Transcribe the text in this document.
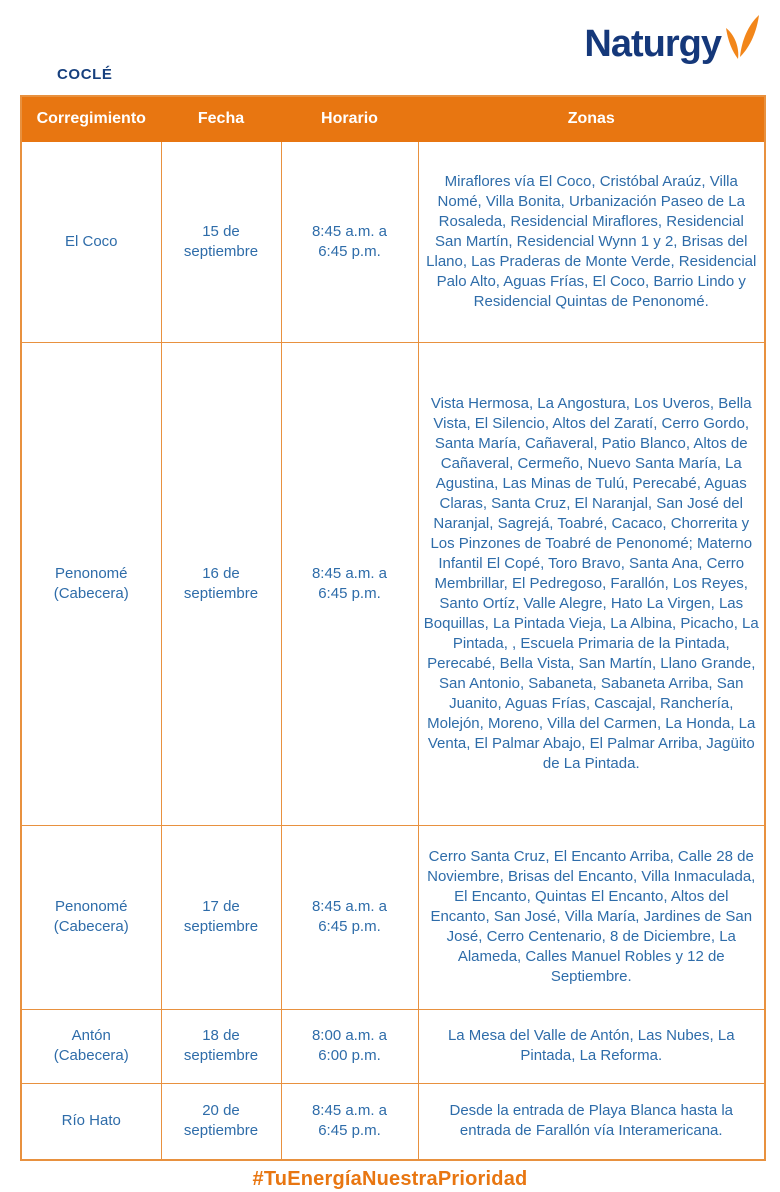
COCLÉ
Naturgy
Corregimiento	Fecha	Horario	Zonas
El Coco	15 de septiembre	8:45 a.m. a 6:45 p.m.	Miraflores vía El Coco, Cristóbal Araúz, Villa Nomé, Villa Bonita, Urbanización Paseo de La Rosaleda, Residencial Miraflores, Residencial San Martín, Residencial Wynn 1 y 2, Brisas del Llano, Las Praderas de Monte Verde, Residencial Palo Alto, Aguas Frías, El Coco, Barrio Lindo y Residencial Quintas de Penonomé.
Penonomé (Cabecera)	16 de septiembre	8:45 a.m. a 6:45 p.m.	Vista Hermosa, La Angostura, Los Uveros, Bella Vista, El Silencio, Altos del Zaratí, Cerro Gordo, Santa María, Cañaveral, Patio Blanco, Altos de Cañaveral, Cermeño, Nuevo Santa María, La Agustina, Las Minas de Tulú, Perecabé, Aguas Claras, Santa Cruz, El Naranjal, San José del Naranjal, Sagrejá, Toabré, Cacaco, Chorrerita y Los Pinzones de Toabré de Penonomé; Materno Infantil El Copé, Toro Bravo, Santa Ana, Cerro Membrillar, El Pedregoso, Farallón, Los Reyes, Santo Ortíz, Valle Alegre, Hato La Virgen, Las Boquillas, La Pintada Vieja, La Albina, Picacho, La Pintada, , Escuela Primaria de la Pintada, Perecabé, Bella Vista, San Martín, Llano Grande, San Antonio, Sabaneta, Sabaneta Arriba, San Juanito, Aguas Frías, Cascajal, Ranchería, Molejón, Moreno, Villa del Carmen, La Honda, La Venta, El Palmar Abajo, El Palmar Arriba, Jagüito de La Pintada.
Penonomé (Cabecera)	17 de septiembre	8:45 a.m. a 6:45 p.m.	Cerro Santa Cruz, El Encanto Arriba, Calle 28 de Noviembre, Brisas del Encanto, Villa Inmaculada, El Encanto, Quintas El Encanto, Altos del Encanto, San José, Villa María, Jardines de San José, Cerro Centenario, 8 de Diciembre, La Alameda, Calles Manuel Robles y 12 de Septiembre.
Antón (Cabecera)	18 de septiembre	8:00 a.m. a 6:00 p.m.	La Mesa del Valle de Antón, Las Nubes, La Pintada, La Reforma.
Río Hato	20 de septiembre	8:45 a.m. a 6:45 p.m.	Desde la entrada de Playa Blanca hasta la entrada de Farallón vía Interamericana.
#TuEnergíaNuestraPrioridad
